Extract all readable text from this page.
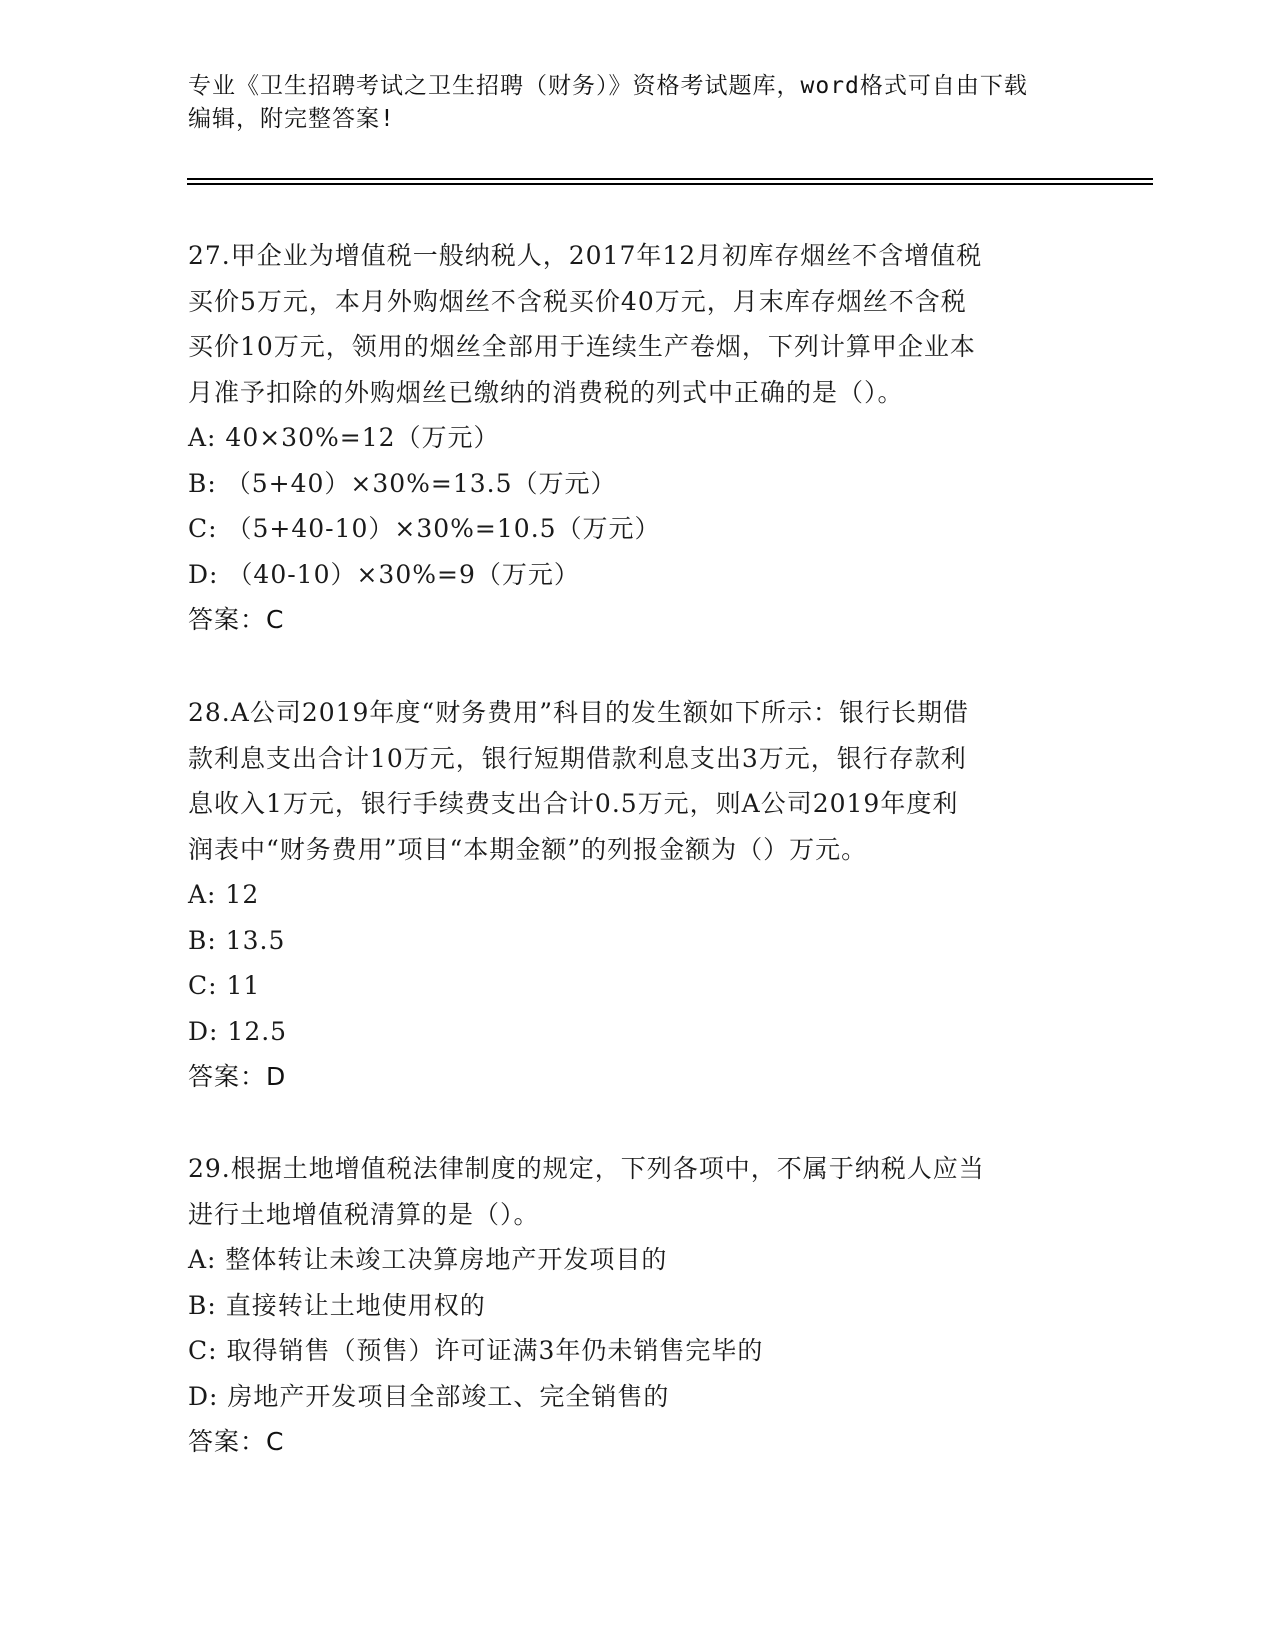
专业《卫生招聘考试之卫生招聘（财务）》资格考试题库，word格式可自由下载
编辑，附完整答案!

27.甲企业为增值税一般纳税人，2017年12月初库存烟丝不含增值税

买价5万元，本月外购烟丝不含税买价40万元，月末库存烟丝不含税

买价10万元，领用的烟丝全部用于连续生产卷烟，下列计算甲企业本

月准予扣除的外购烟丝已缴纳的消费税的列式中正确的是（）。

A: 40×30%=12（万元）

B: （5+40）×30%=13.5（万元）

C: （5+40-10）×30%=10.5（万元）

D: （40-10）×30%=9（万元）

答案：C

28.A公司2019年度“财务费用”科目的发生额如下所示：银行长期借

款利息支出合计10万元，银行短期借款利息支出3万元，银行存款利

息收入1万元，银行手续费支出合计0.5万元，则A公司2019年度利

润表中“财务费用”项目“本期金额”的列报金额为（）万元。

A: 12

B: 13.5

C: 11

D: 12.5

答案：D

29.根据土地增值税法律制度的规定，下列各项中，不属于纳税人应当

进行土地增值税清算的是（）。

A: 整体转让未竣工决算房地产开发项目的

B: 直接转让土地使用权的

C: 取得销售（预售）许可证满3年仍未销售完毕的

D: 房地产开发项目全部竣工、完全销售的

答案：C
